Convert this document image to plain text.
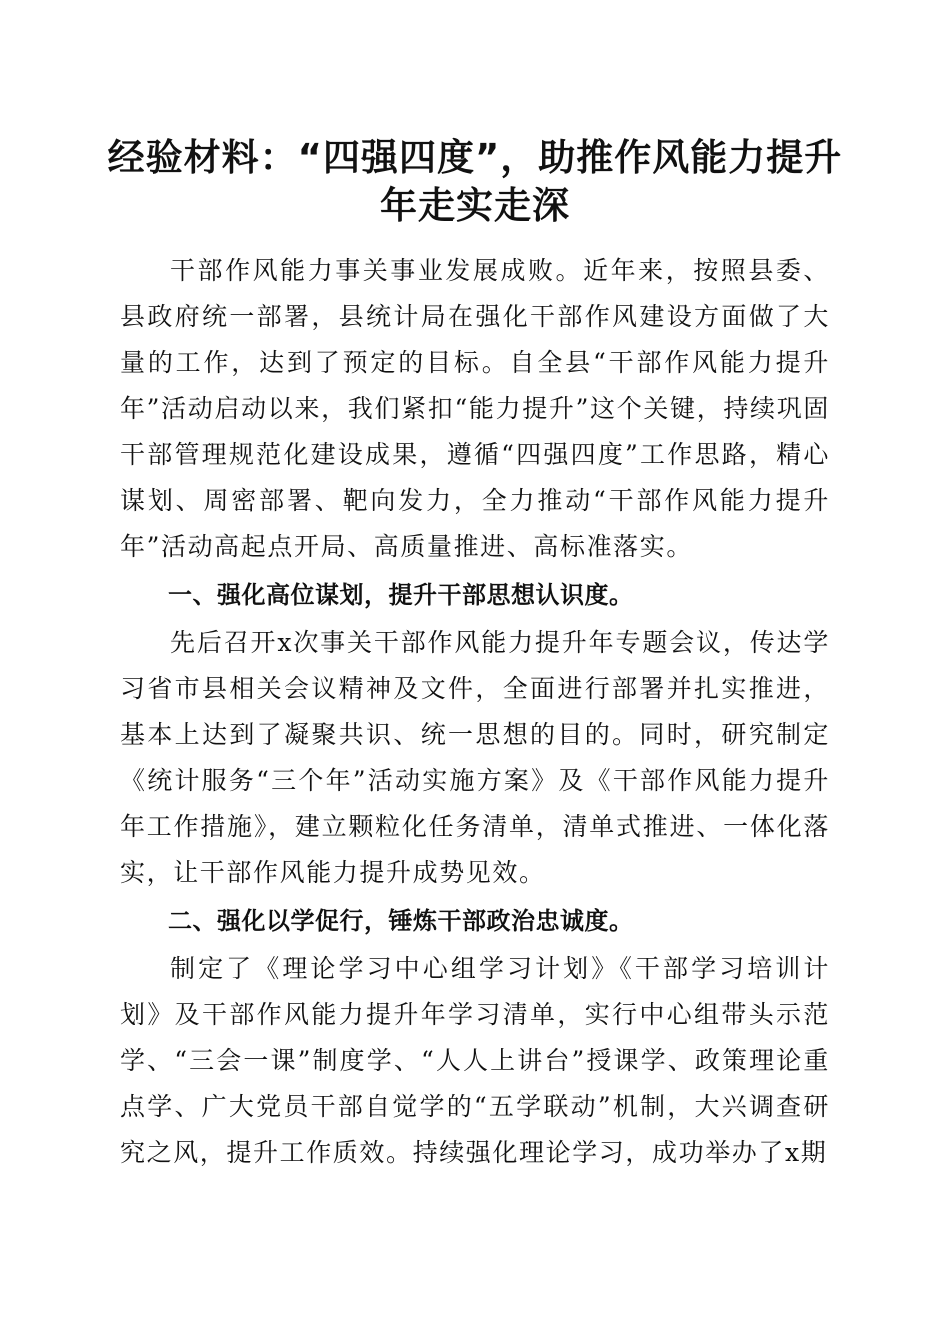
经验材料：“四强四度”，助推作风能力提升
年走实走深

干部作风能力事关事业发展成败。近年来，按照县委、县政府统一部署，县统计局在强化干部作风建设方面做了大量的工作，达到了预定的目标。自全县“干部作风能力提升年”活动启动以来，我们紧扣“能力提升”这个关键，持续巩固干部管理规范化建设成果，遵循“四强四度”工作思路，精心谋划、周密部署、靶向发力，全力推动“干部作风能力提升年”活动高起点开局、高质量推进、高标准落实。

一、强化高位谋划，提升干部思想认识度。

先后召开x次事关干部作风能力提升年专题会议，传达学习省市县相关会议精神及文件，全面进行部署并扎实推进，基本上达到了凝聚共识、统一思想的目的。同时，研究制定《统计服务“三个年”活动实施方案》及《干部作风能力提升年工作措施》，建立颗粒化任务清单，清单式推进、一体化落实，让干部作风能力提升成势见效。

二、强化以学促行，锤炼干部政治忠诚度。

制定了《理论学习中心组学习计划》《干部学习培训计划》及干部作风能力提升年学习清单，实行中心组带头示范学、“三会一课”制度学、“人人上讲台”授课学、政策理论重点学、广大党员干部自觉学的“五学联动”机制，大兴调查研究之风，提升工作质效。持续强化理论学习，成功举办了x期
